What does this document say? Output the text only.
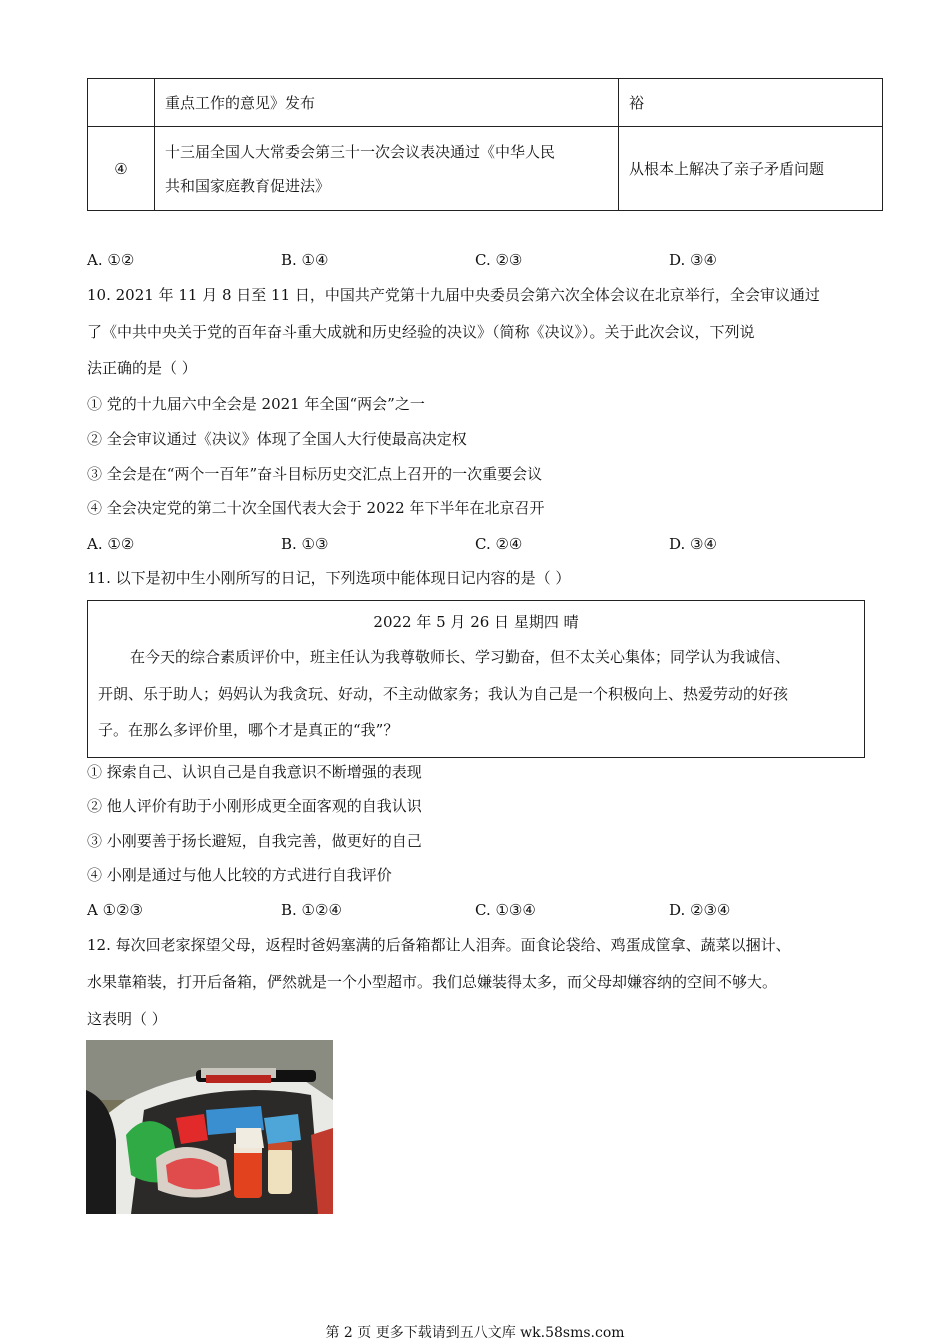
	重点工作的意见》发布	裕
④	十三届全国人大常委会第三十一次会议表决通过《中华人民
共和国家庭教育促进法》	从根本上解决了亲子矛盾问题
A. ①②	B. ①④	C. ②③	D. ③④
10. 2021 年 11 月 8 日至 11 日，中国共产党第十九届中央委员会第六次全体会议在北京举行，全会审议通过
了《中共中央关于党的百年奋斗重大成就和历史经验的决议》（简称《决议》）。关于此次会议，下列说
法正确的是（ ）
① 党的十九届六中全会是 2021 年全国“两会”之一
② 全会审议通过《决议》体现了全国人大行使最高决定权
③ 全会是在“两个一百年”奋斗目标历史交汇点上召开的一次重要会议
④ 全会决定党的第二十次全国代表大会于 2022 年下半年在北京召开
A. ①②	B. ①③	C. ②④	D. ③④
11. 以下是初中生小刚所写的日记，下列选项中能体现日记内容的是（ ）
2022 年 5 月 26 日 星期四 晴
在今天的综合素质评价中，班主任认为我尊敬师长、学习勤奋，但不太关心集体；同学认为我诚信、
开朗、乐于助人；妈妈认为我贪玩、好动，不主动做家务；我认为自己是一个积极向上、热爱劳动的好孩
子。在那么多评价里，哪个才是真正的“我”？
① 探索自己、认识自己是自我意识不断增强的表现
② 他人评价有助于小刚形成更全面客观的自我认识
③ 小刚要善于扬长避短，自我完善，做更好的自己
④ 小刚是通过与他人比较的方式进行自我评价
A ①②③	B. ①②④	C. ①③④	D. ②③④
12. 每次回老家探望父母，返程时爸妈塞满的后备箱都让人泪奔。面食论袋给、鸡蛋成筐拿、蔬菜以捆计、
水果靠箱装，打开后备箱，俨然就是一个小型超市。我们总嫌装得太多，而父母却嫌容纳的空间不够大。
这表明（ ）
第 2 页 更多下载请到五八文库 wk.58sms.com
